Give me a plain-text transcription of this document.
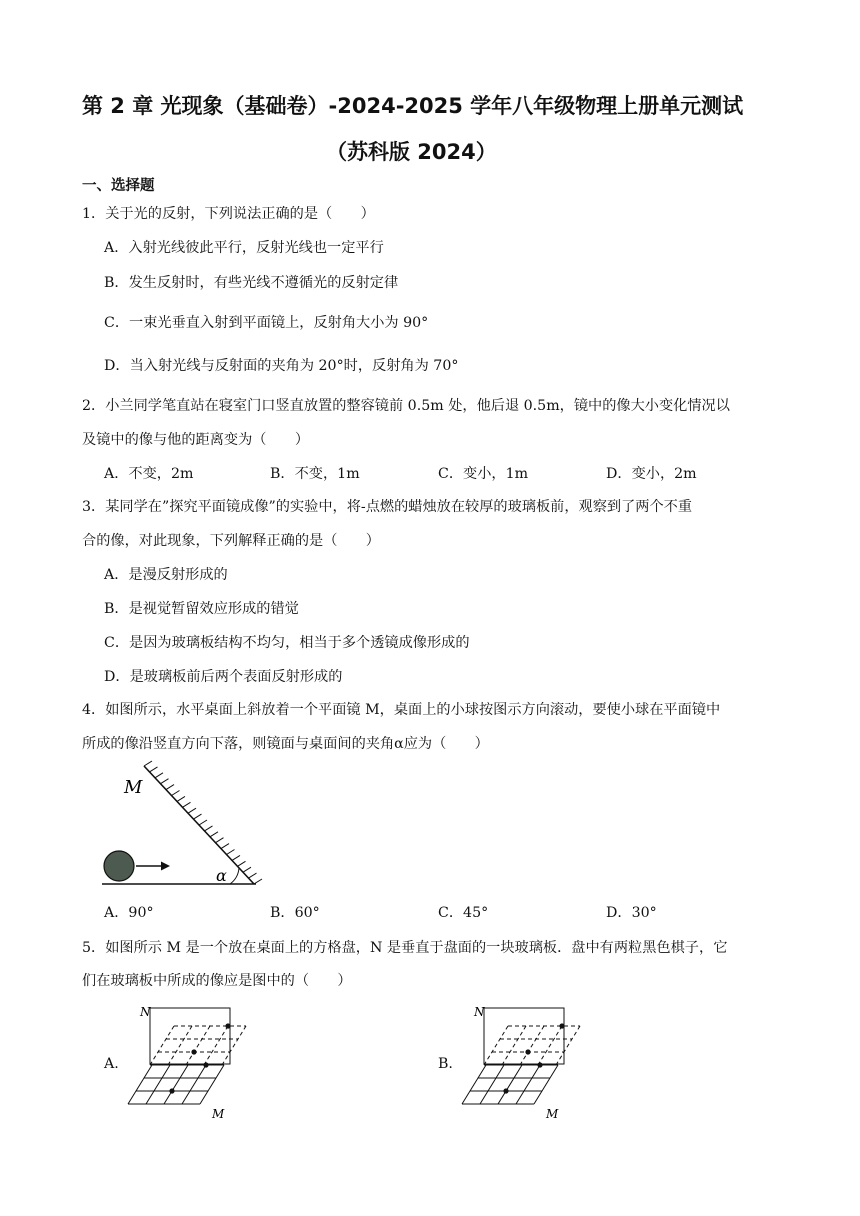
第 2 章 光现象（基础卷）-2024-2025 学年八年级物理上册单元测试
（苏科版 2024）
一、选择题
1．关于光的反射，下列说法正确的是（　　）
A．入射光线彼此平行，反射光线也一定平行
B．发生反射时，有些光线不遵循光的反射定律
C．一束光垂直入射到平面镜上，反射角大小为 90°
D．当入射光线与反射面的夹角为 20°时，反射角为 70°
2．小兰同学笔直站在寝室门口竖直放置的整容镜前 0.5m 处，他后退 0.5m，镜中的像大小变化情况以
及镜中的像与他的距离变为（　　）
A．不变，2m	B．不变，1m	C．变小，1m	D．变小，2m
3．某同学在”探究平面镜成像”的实验中，将-点燃的蜡烛放在较厚的玻璃板前，观察到了两个不重
合的像，对此现象，下列解释正确的是（　　）
A．是漫反射形成的
B．是视觉暂留效应形成的错觉
C．是因为玻璃板结构不均匀，相当于多个透镜成像形成的
D．是玻璃板前后两个表面反射形成的
4．如图所示，水平桌面上斜放着一个平面镜 M，桌面上的小球按图示方向滚动，要使小球在平面镜中
所成的像沿竖直方向下落，则镜面与桌面间的夹角α应为（　　）
M
α
A．90°	B．60°	C．45°	D．30°
5．如图所示 M 是一个放在桌面上的方格盘，N 是垂直于盘面的一块玻璃板．盘中有两粒黑色棋子，它
们在玻璃板中所成的像应是图中的（　　）
A.
N
M
B.
N
M
